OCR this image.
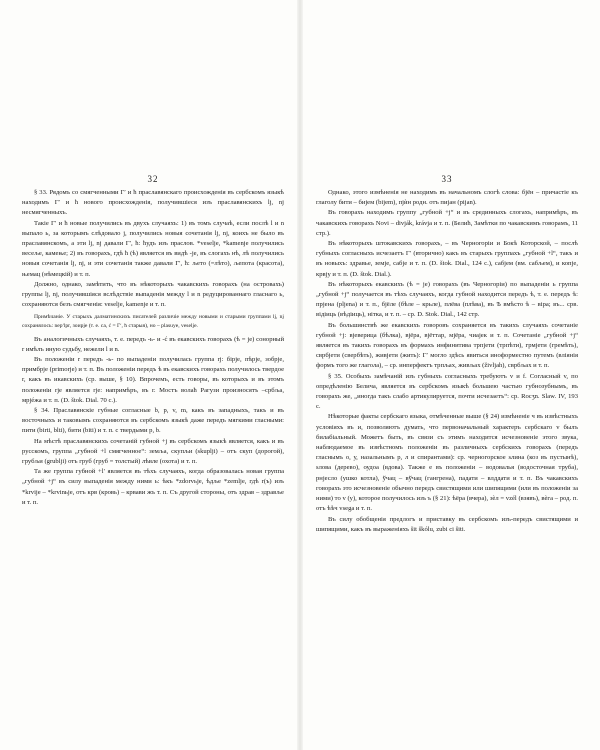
32

§ 33. Рядомъ со смягченными Гʹ и ћ праславянскаго происхожденія въ сербскомъ языкѣ находимъ Гʹ и ћ нового происхожденія, получившіеся изъ праславянскихъ lj, nj несмягченныхъ.

Такіе Гʹ и ћ новые получились въ двухъ случаяхъ: 1) въ томъ случаѣ, если послѣ l и n выпало ь, за которымъ слѣдовало j, получились новыя сочетанія lj, nj, коихъ не было въ праславянскомъ, а эти lj, nj давали Гʹ, ћ: ћудъ изъ праслов. *veselje, *kamenje получились весеље, камење; 2) въ говорахъ, гдѣ ћ (ѣ) является въ видѣ -je, въ слогахъ нѣ, лѣ получились новыя сочетанія lj, nj, и эти сочетанія также давали Гʹ, ћ: љето (=лѣто), љепота (красота), њемац (нѣмецкій) и т. п.

Должно, однако, замѣтить, что въ нѣкоторыхъ чакавскихъ говорахъ (на островахъ) группы lj, nj, получившіяся вслѣдствіе выпаденія между l и n редуцированнаго гласнаго ь, сохраняются безъ смягченія: veselje, kamenje и т. п.

Примѣчаніе. У старыхъ далматинскихъ писателей различіе между новыми и старыми группами lj, nj сохранялось: nepʹlpr, зoиpje (т. е. са, ć = Гʹ, ћ старыя), но – plasuye, veselje.

Въ аналогичныхъ случаяхъ, т. е. передъ -ь- и -ć въ екавскихъ говорахъ (ѣ = je) сонорный r имѣлъ иную судьбу, нежели l и n.

Въ положеніи r передъ -ь- по выпаденіи получилась группа rj: бірје, пѣрје, зобрје, примбрје (primorje) и т. п. Въ положеніи передъ ѣ въ екавскихъ говорахъ получилось твердое r, какъ въ икавскихъ (ср. выше, § 10). Впрочемъ, есть говоры, въ которыхъ и въ этомъ положеніи rjе является rjе: напримѣръ, въ г. Мостъ волаћ Рагузи произносятъ –србља, мрjéжа и т. п. (D. štok. Dial. 70 c.).

§ 34. Праславянскіе губные согласные b, p, v, m, какъ въ западныхъ, такъ и въ восточныхъ и таковымъ сохраняются въ сербскомъ языкѣ даже передъ мягкими гласными: пити (birti, blti), бити (biti) и т. п. с твердыми p, b.

На мѣстѣ праславянскихъ сочетаній губной +j въ сербскомъ языкѣ является, какъ и въ русскомъ, группа „губной +l смягченное“: земља, скупљи (skuplji) – отъ скуп (дорогой), грубљи (grublji) отъ груб (груб = толстый) лѣвле (охота) и т. п.

Та же группа губной +l' является въ тѣхъ случаяхъ, когда образовалась новая группа „губной +j“ въ силу выпаденія между ними ь: ѣкъ *zdorvьje, ѣдље *zemlje, гдѣ r(ъ) изъ *krvije – *krvinьje, отъ крв (кровь) – крвави жъ т. п. Съ другой стороны, отъ здрав – здравље и т. п.

33

Однако, этого измѣненія не находимъ въ начальномъ слогѣ слова: бјён – причастіе къ глаголу бити – бијем (bijem), пјѝн родн. отъ пијан (pijan).

Въ говорахъ находимъ группу „губной +j“ и въ срединныхъ слогахъ, напримѣръ, въ чакавскихъ говорахъ Novi – divják, krávja и т. п. (Белић, Замѣтки по чакавскимъ говорамъ, 11 стр.).

Въ нѣкоторыхъ штокавскихъ говорахъ, – въ Черногоріи и Бокѣ Которской, – послѣ губныхъ согласныхъ исчезаетъ Гʹ (вторично) какъ въ старыхъ группахъ „губной +l“, такъ и въ новыхъ: здравье, земје, сабје и т. п. (D. štok. Dial., 124 c.), сабјем (вм. сабљем), и копје, крвју и т. п. (D. štok. Dial.).

Въ нѣкоторыхъ екавскихъ (ѣ = je) говорахъ (въ Черногоріи) по выпаденіи ь группа „губной +ј“ получается въ тѣхъ случаяхъ, когда губной находится передъ ѣ, т. е. передъ ѣ: прјена (pljena) и т. п., бјёле (бѣле – крьле), плёва (плѣва), въ Ѣ вмѣсто ѣ – віра; въ... срв. відіиць (вѣдіиць), нітка, и т. п. – ср. D. Stok. Dial., 142 стр.

Въ большинствѣ же екавскихъ говоровъ сохраняется въ такихъ случаяхъ сочетаніе губной +j: вјеверица (бѣлка), вјёра, вјёттар, мјёра, чиајек и т. п. Сочетаніе „губной +ј“ является въ такихъ говорахъ въ формахъ инфинитива трпјети (трпѣти), грмјети (гремѣть), сврбјети (свербѣть), живјети (жить): Гʹ могло здѣсь явиться иноформестно путемъ (вліянія формъ того же глагола), – ср. инперфектъ трпљах, живљах (življah), сврбљах и т. п.

§ 35. Особыхъ замѣчаній изъ губныхъ согласныхъ требуютъ v и f. Согласный v, по опредѣленію Белича, является въ сербскомъ языкѣ большею частью губнозубнымъ, въ говорахъ же, „иногда такъ слабо артикулируется, почти исчезаетъ“: ср. Rocʒn. Slaw. IV, 193 c.

Нѣкоторые факты сербскаго языка, отмѣченные выше (§ 24) измѣненіе ч въ извѣстныхъ условіяхъ въ и, позволяютъ думать, что первоначальный характеръ сербскаго v былъ билабіальный. Можетъ быть, въ связи съ этимъ находится исчезновеніе этого звука, наблюдаемое въ извѣстномъ положеніи въ различныхъ сербскихъ говорахъ (передъ гласнымъ о, у, назальнымъ р, л и спирантами): ср. черногорское ѕлина (коз въ пустынѣ), ѕлова (дерево), оудоа (вдова). Также е въ положеніи – водовалья (водосточная труба), рнјесло (ушко котла), ўчац – вўчац (гангрена), падати – влддати и т. п. Въ чакавскихъ говорахъ это исчезновеніе обычно передъ свистящими или шипящими (или въ положеніи за ними) то v (у), которое получилось изъ ъ (§ 21): ѣёра (вчера), зѐл = vzél (взявъ), вѐга – род. п. отъ ѣѣч vsega и т. п.

Въ силу обобщенія предлогъ и приставку въ сербскомъ изъ-передъ свистящими и шипящими, какъ въ выраженіяхъ šit škólu, zubi ci šiti.
